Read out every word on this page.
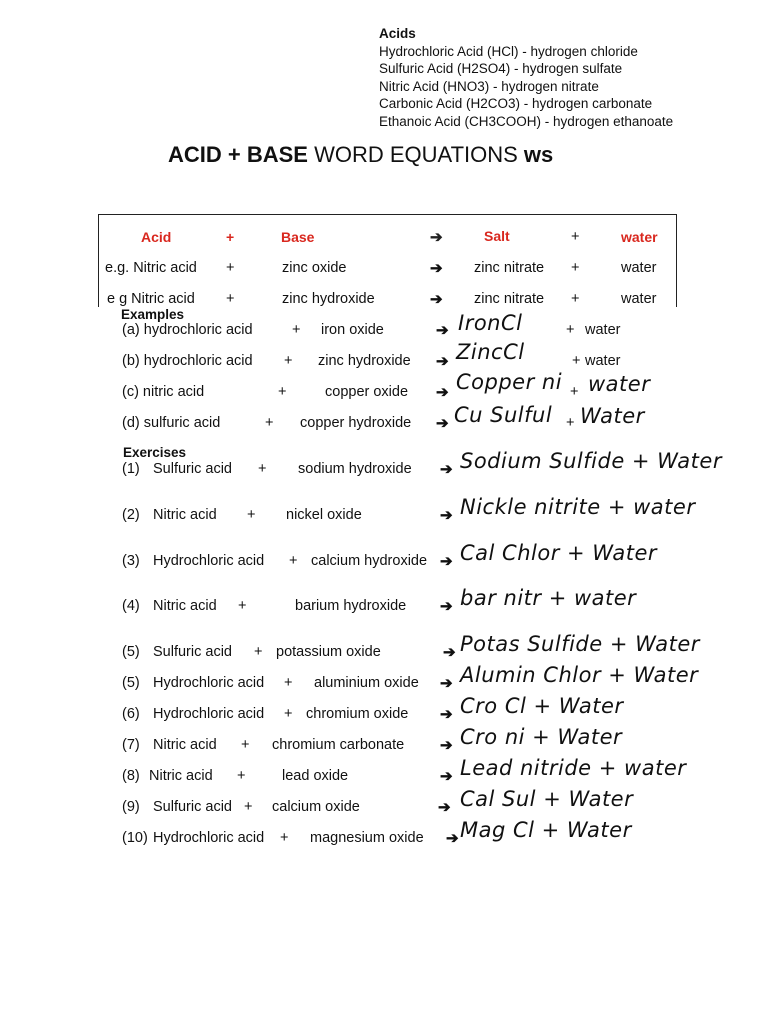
Acids
Hydrochloric Acid (HCl) - hydrogen chloride
Sulfuric Acid (H2SO4) - hydrogen sulfate
Nitric Acid (HNO3) - hydrogen nitrate
Carbonic Acid (H2CO3) - hydrogen carbonate
Ethanoic Acid (CH3COOH) - hydrogen ethanoate
ACID + BASE WORD EQUATIONS ws
Acid	+	Base	➔	Salt	+	water
e.g. Nitric acid +	zinc oxide	➔ zinc nitrate +	water
e g Nitric acid +	zinc hydroxide	➔ zinc nitrate +	water
Examples
(a) hydrochloric acid	+ iron oxide	➔ IronCl	+ water
(b) hydrochloric acid + zinc hydroxide ➔ ZincCl	+ water
(c) nitric acid	+	copper oxide ➔ Copper ni + water
(d) sulfuric acid	+ copper hydroxide ➔ Cu Sulful + Water
Exercises
(1) Sulfuric acid + sodium hydroxide ➔ Sodium Sulfide + Water
(2) Nitric acid + nickel oxide	➔ Nickle nitrite + water
(3) Hydrochloric acid + calcium hydroxide ➔ Cal Chlor + Water
(4) Nitric acid +	barium hydroxide ➔ bar nitr + water
(5) Sulfuric acid + potassium oxide	➔ Potas Sulfide + Water
(5) Hydrochloric acid + aluminium oxide ➔ Alumin Chlor + Water
(6) Hydrochloric acid + chromium oxide ➔ Cro Cl + Water
(7) Nitric acid + chromium carbonate ➔ Cro ni + Water
(8) Nitric acid +	lead oxide	➔ Lead nitride + water
(9) Sulfuric acid + calcium oxide	➔ Cal Sul + Water
(10) Hydrochloric acid + magnesium oxide ➔ Mag Cl + Water
